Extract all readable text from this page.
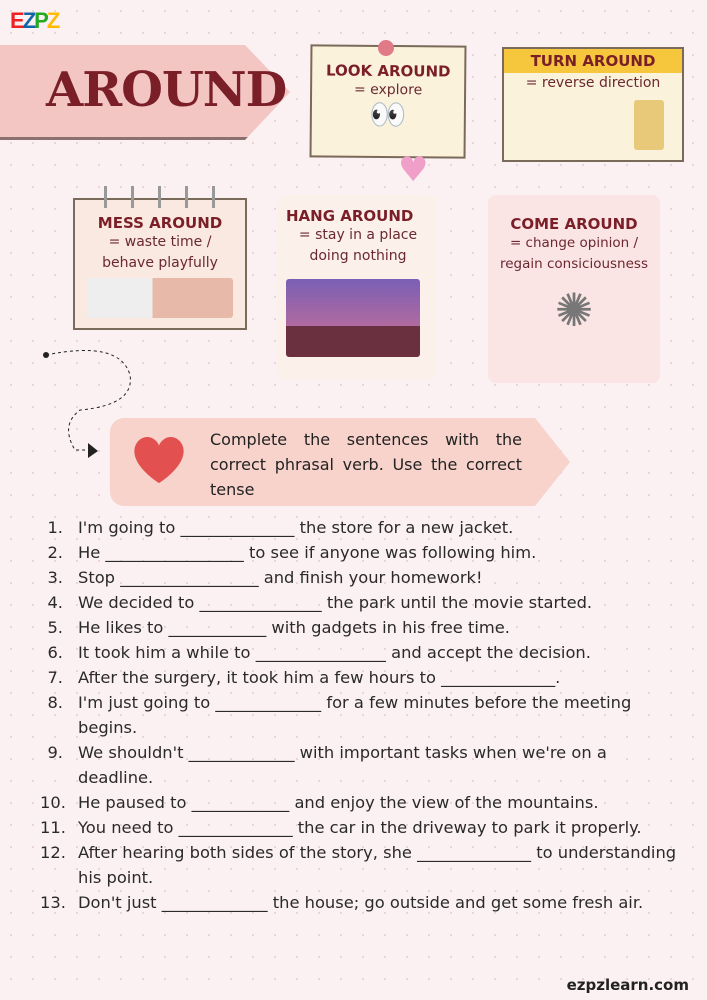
EZPZ
AROUND	LOOK AROUND
= explore
👀
TURN AROUND
= reverse direction
MESS AROUND
= waste time / behave playfully
HANG AROUND
= stay in a place doing nothing
♥
COME AROUND
= change opinion / regain consiciousness
✺
Complete the sentences with the correct phrasal verb. Use the correct tense
1. I'm going to ______________ the store for a new jacket.
2. He _________________ to see if anyone was following him.
3. Stop _________________ and finish your homework!
4. We decided to _______________ the park until the movie started.
5. He likes to ____________ with gadgets in his free time.
6. It took him a while to ________________ and accept the decision.
7. After the surgery, it took him a few hours to ______________.
8. I'm just going to _____________ for a few minutes before the meeting begins.
9. We shouldn't _____________ with important tasks when we're on a deadline.
10. He paused to ____________ and enjoy the view of the mountains.
11. You need to ______________ the car in the driveway to park it properly.
12. After hearing both sides of the story, she ______________ to understanding his point.
13. Don't just _____________ the house; go outside and get some fresh air.
ezpzlearn.com
